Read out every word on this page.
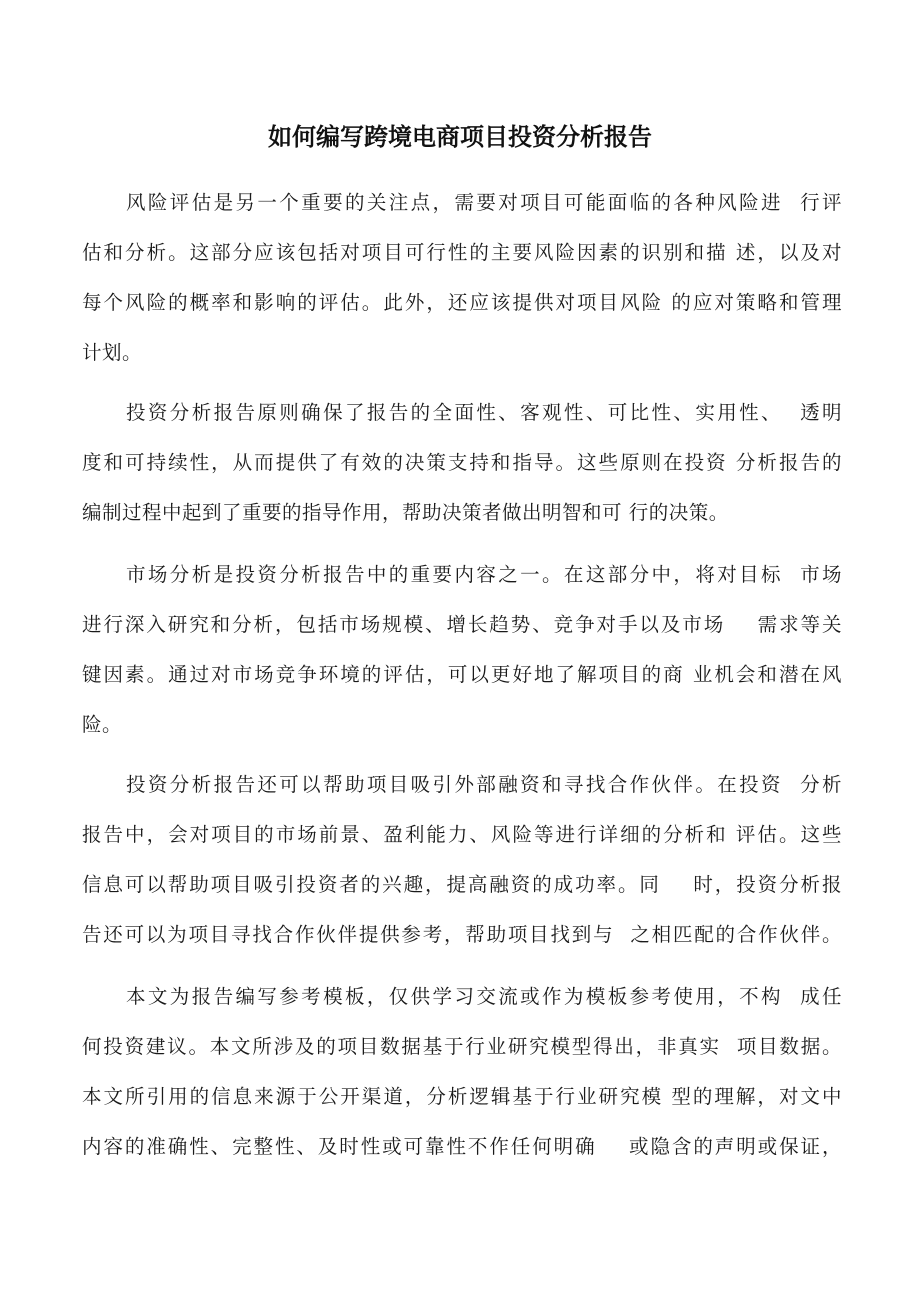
如何编写跨境电商项目投资分析报告
风险评估是另一个重要的关注点，需要对项目可能面临的各种风险进  行评
估和分析。这部分应该包括对项目可行性的主要风险因素的识别和描 述，以及对
每个风险的概率和影响的评估。此外，还应该提供对项目风险 的应对策略和管理
计划。
投资分析报告原则确保了报告的全面性、客观性、可比性、实用性、  透明
度和可持续性，从而提供了有效的决策支持和指导。这些原则在投资 分析报告的
编制过程中起到了重要的指导作用，帮助决策者做出明智和可 行的决策。
市场分析是投资分析报告中的重要内容之一。在这部分中，将对目标  市场
进行深入研究和分析，包括市场规模、增长趋势、竞争对手以及市场    需求等关
键因素。通过对市场竞争环境的评估，可以更好地了解项目的商 业机会和潜在风
险。
投资分析报告还可以帮助项目吸引外部融资和寻找合作伙伴。在投资  分析
报告中，会对项目的市场前景、盈利能力、风险等进行详细的分析和 评估。这些
信息可以帮助项目吸引投资者的兴趣，提高融资的成功率。同    时，投资分析报
告还可以为项目寻找合作伙伴提供参考，帮助项目找到与  之相匹配的合作伙伴。
本文为报告编写参考模板，仅供学习交流或作为模板参考使用，不构  成任
何投资建议。本文所涉及的项目数据基于行业研究模型得出，非真实  项目数据。
本文所引用的信息来源于公开渠道，分析逻辑基于行业研究模 型的理解，对文中
内容的准确性、完整性、及时性或可靠性不作任何明确    或隐含的声明或保证，
